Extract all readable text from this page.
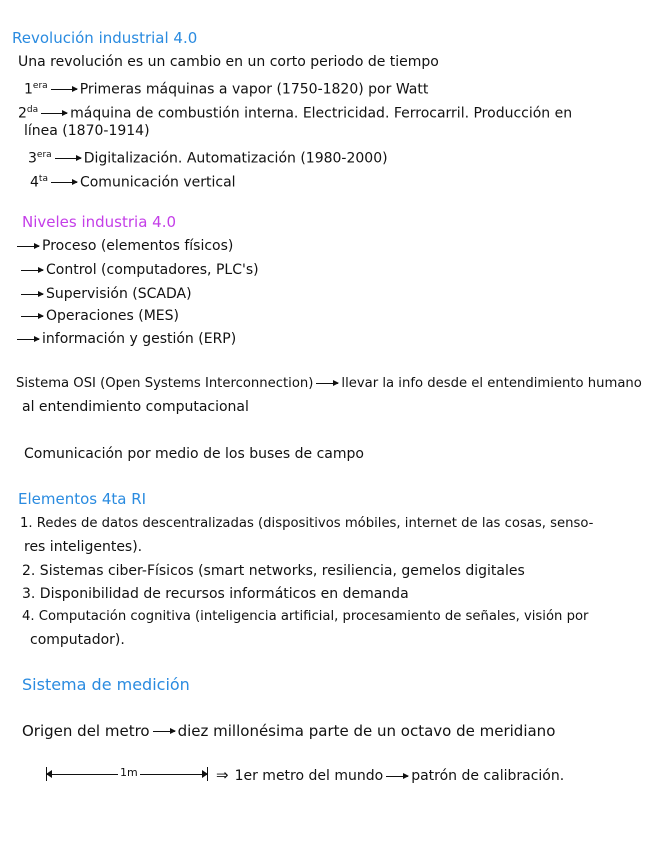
Revolución industrial 4.0
Una revolución es un cambio en un corto periodo de tiempo
$1^{era}$ Primeras máquinas a vapor (1750-1820) por Watt
$2^{da}$ máquina de combustión interna. Electricidad. Ferrocarril. Producción en
línea (1870-1914)
$3^{era}$ Digitalización. Automatización (1980-2000)
$4^{ta}$ Comunicación vertical
Niveles industria 4.0
Proceso (elementos físicos)
Control (computadores, PLC's)
Supervisión (SCADA)
Operaciones (MES)
información y gestión (ERP)
Sistema OSI (Open Systems Interconnection) llevar la info desde el entendimiento humano
al entendimiento computacional
Comunicación por medio de los buses de campo
Elementos 4ta RI
1. Redes de datos descentralizadas (dispositivos móbiles, internet de las cosas, senso-
res inteligentes).
2. Sistemas ciber-Físicos (smart networks, resiliencia, gemelos digitales
3. Disponibilidad de recursos informáticos en demanda
4. Computación cognitiva (inteligencia artificial, procesamiento de señales, visión por
computador).
Sistema de medición
Origen del metro diez millonésima parte de un octavo de meridiano
1m	⇒ 1er metro del mundo patrón de calibración.
